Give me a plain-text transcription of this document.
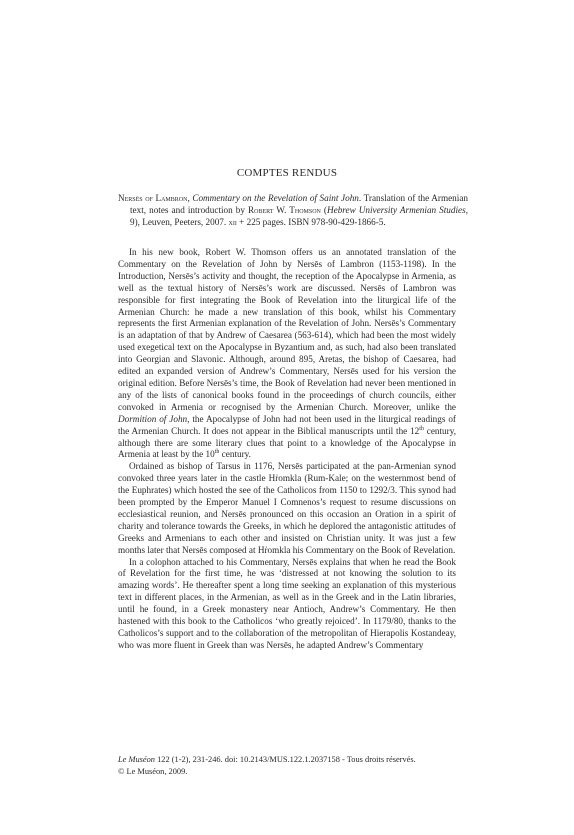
COMPTES RENDUS
Nersēs of Lambron, Commentary on the Revelation of Saint John. Translation of the Armenian text, notes and introduction by Robert W. Thomson (Hebrew University Armenian Studies, 9), Leuven, Peeters, 2007. xii + 225 pages. ISBN 978-90-429-1866-5.

In his new book, Robert W. Thomson offers us an annotated translation of the Commentary on the Revelation of John by Nersēs of Lambron (1153-1198). In the Introduction, Nersēs’s activity and thought, the reception of the Apocalypse in Armenia, as well as the textual history of Nersēs’s work are discussed. Nersēs of Lambron was responsible for first integrating the Book of Revelation into the liturgical life of the Armenian Church: he made a new translation of this book, whilst his Commentary represents the first Armenian explanation of the Revelation of John. Nersēs’s Commentary is an adaptation of that by Andrew of Caesarea (563-614), which had been the most widely used exegetical text on the Apocalypse in Byzantium and, as such, had also been translated into Georgian and Slavonic. Although, around 895, Aretas, the bishop of Caesarea, had edited an expanded version of Andrew’s Commentary, Nersēs used for his version the original edition. Before Nersēs’s time, the Book of Revelation had never been mentioned in any of the lists of canonical books found in the proceedings of church councils, either convoked in Armenia or recognised by the Armenian Church. Moreover, unlike the Dormition of John, the Apocalypse of John had not been used in the liturgical readings of the Armenian Church. It does not appear in the Biblical manuscripts until the 12th century, although there are some literary clues that point to a knowledge of the Apocalypse in Armenia at least by the 10th century.

Ordained as bishop of Tarsus in 1176, Nersēs participated at the pan-Armenian synod convoked three years later in the castle Hṙomkla (Rum-Kale; on the westernmost bend of the Euphrates) which hosted the see of the Catholicos from 1150 to 1292/3. This synod had been prompted by the Emperor Manuel I Comnenos’s request to resume discussions on ecclesiastical reunion, and Nersēs pronounced on this occasion an Oration in a spirit of charity and tolerance towards the Greeks, in which he deplored the antagonistic attitudes of Greeks and Armenians to each other and insisted on Christian unity. It was just a few months later that Nersēs composed at Hṙomkla his Commentary on the Book of Revelation.

In a colophon attached to his Commentary, Nersēs explains that when he read the Book of Revelation for the first time, he was ‘distressed at not knowing the solution to its amazing words’. He thereafter spent a long time seeking an explanation of this mysterious text in different places, in the Armenian, as well as in the Greek and in the Latin libraries, until he found, in a Greek monastery near Antioch, Andrew’s Commentary. He then hastened with this book to the Catholicos ‘who greatly rejoiced’. In 1179/80, thanks to the Catholicos’s support and to the collaboration of the metropolitan of Hierapolis Kostandeay, who was more fluent in Greek than was Nersēs, he adapted Andrew’s Commentary

Le Muséon 122 (1-2), 231-246. doi: 10.2143/MUS.122.1.2037158 - Tous droits réservés.
© Le Muséon, 2009.
